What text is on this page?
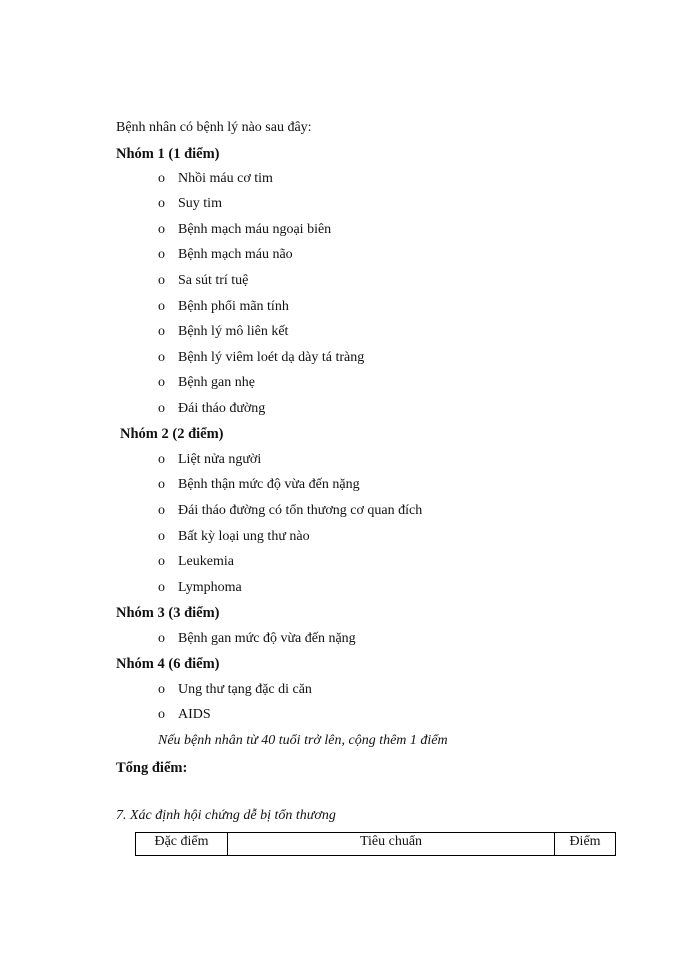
Bệnh nhân có bệnh lý nào sau đây:
Nhóm 1 (1 điểm)
o Nhồi máu cơ tim
o Suy tim
o Bệnh mạch máu ngoại biên
o Bệnh mạch máu não
o Sa sút trí tuệ
o Bệnh phổi mãn tính
o Bệnh lý mô liên kết
o Bệnh lý viêm loét dạ dày tá tràng
o Bệnh gan nhẹ
o Đái tháo đường
Nhóm 2 (2 điểm)
o Liệt nửa người
o Bệnh thận mức độ vừa đến nặng
o Đái tháo đường có tổn thương cơ quan đích
o Bất kỳ loại ung thư nào
o Leukemia
o Lymphoma
Nhóm 3 (3 điểm)
o Bệnh gan mức độ vừa đến nặng
Nhóm 4 (6 điểm)
o Ung thư tạng đặc di căn
o AIDS
Nếu bệnh nhân từ 40 tuổi trở lên, cộng thêm 1 điểm
Tổng điểm:
7. Xác định hội chứng dễ bị tổn thương
Đặc điểm	Tiêu chuẩn	Điểm
